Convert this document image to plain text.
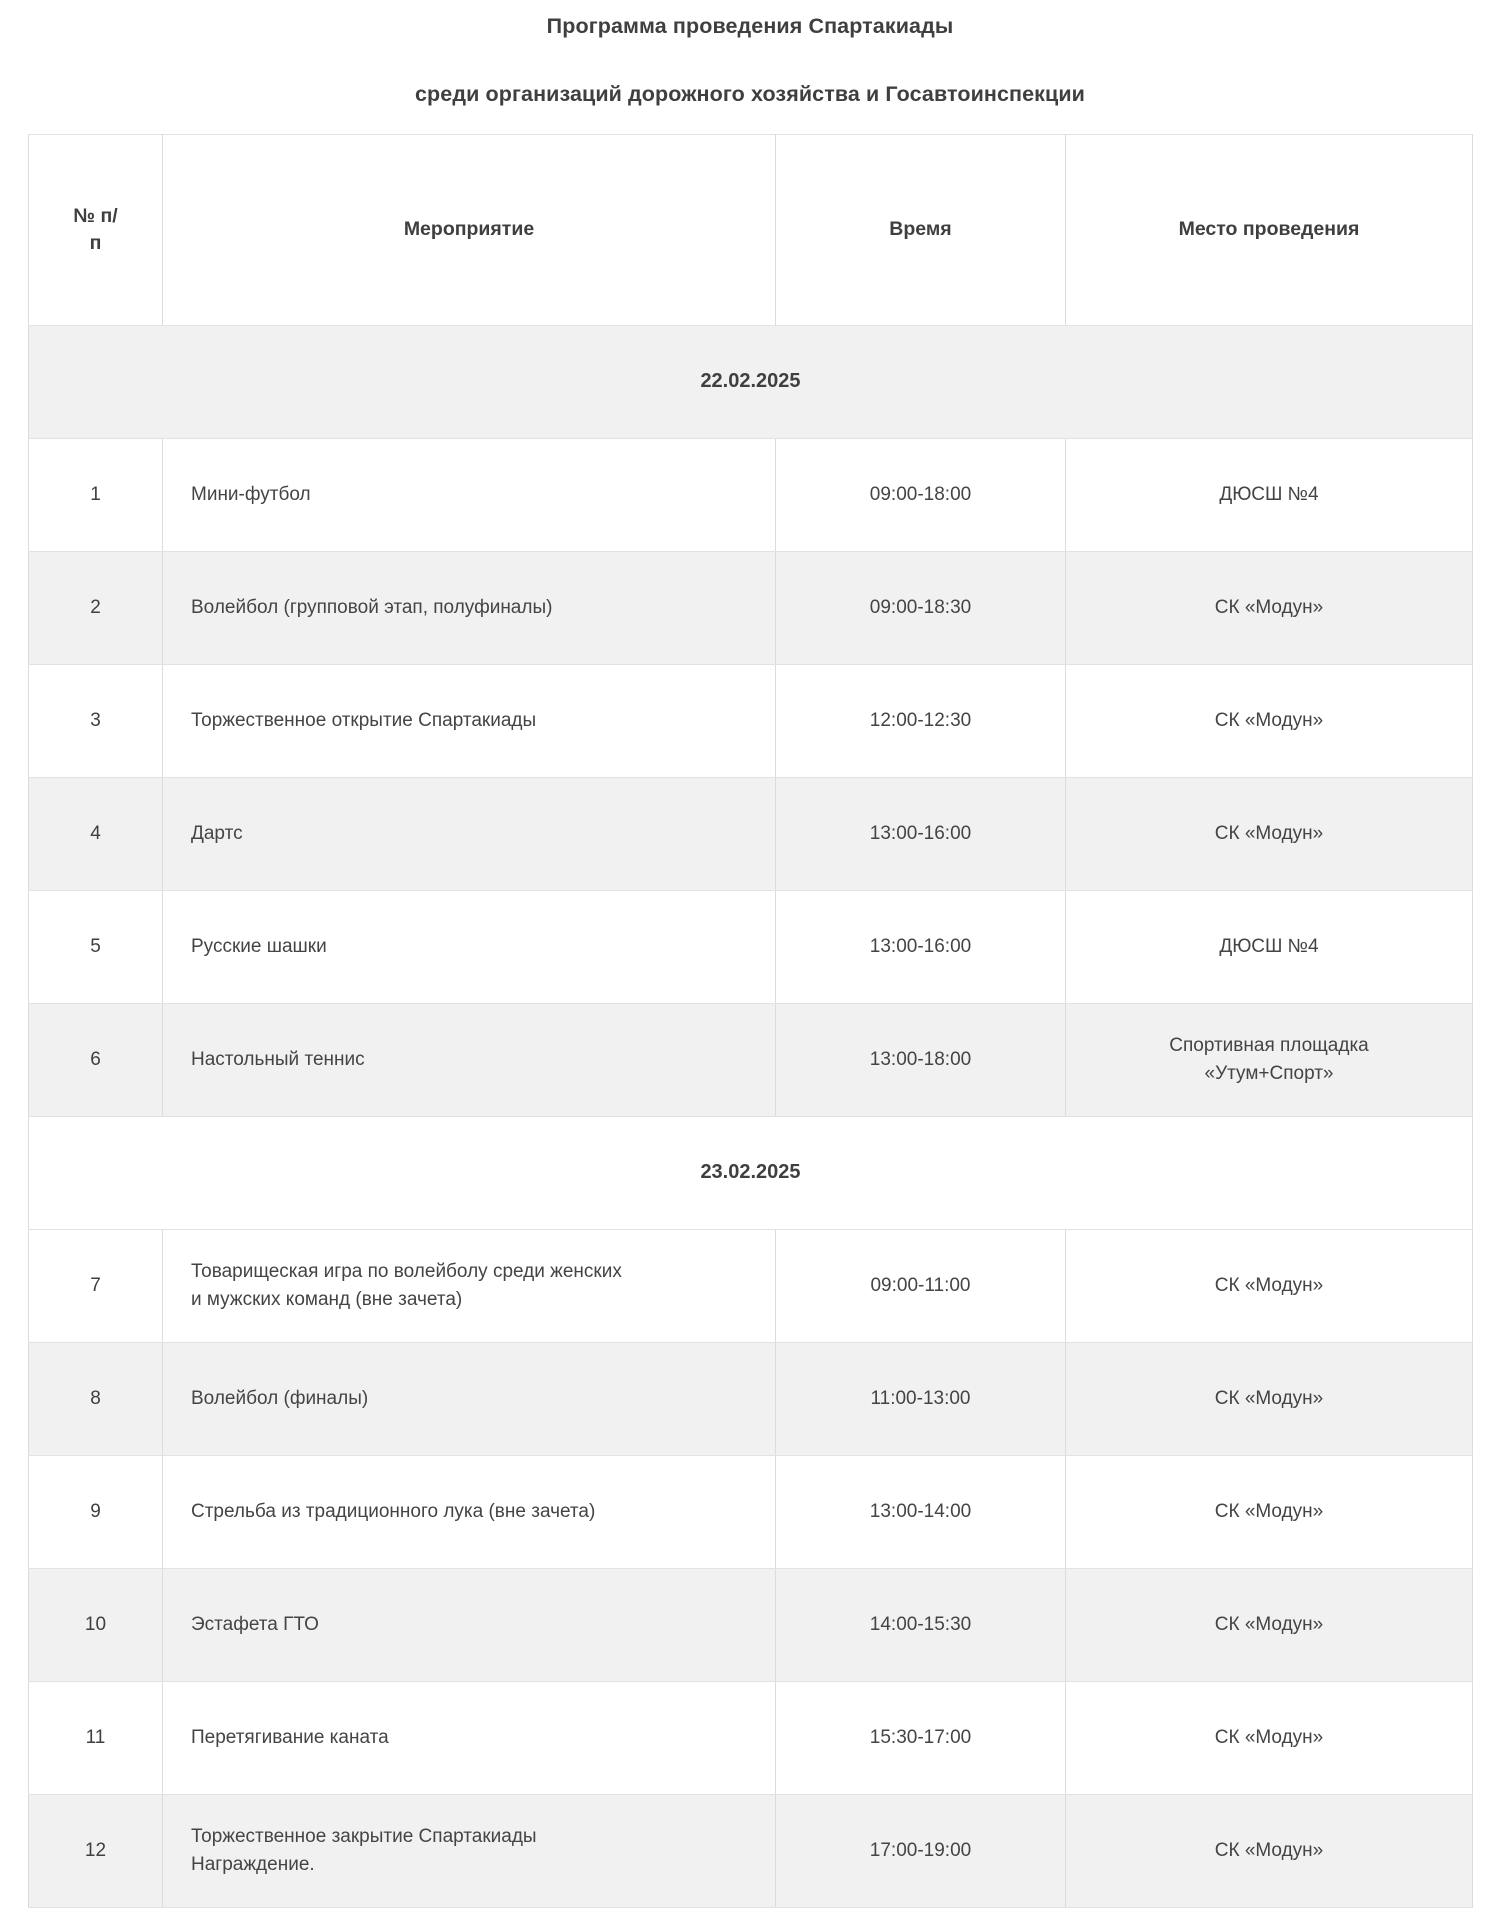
Программа проведения Спартакиады
среди организаций дорожного хозяйства и Госавтоинспекции
№ п/
п	Мероприятие	Время	Место проведения
22.02.2025			
1	Мини-футбол	09:00-18:00	ДЮСШ №4
2	Волейбол (групповой этап, полуфиналы)	09:00-18:30	СК «Модун»
3	Торжественное открытие Спартакиады	12:00-12:30	СК «Модун»
4	Дартс	13:00-16:00	СК «Модун»
5	Русские шашки	13:00-16:00	ДЮСШ №4
6	Настольный теннис	13:00-18:00	Спортивная площадка
«Утум+Спорт»

23.02.2025			
7	Товарищеская игра по волейболу среди женских
и мужских команд (вне зачета)	09:00-11:00	СК «Модун»
8	Волейбол (финалы)	11:00-13:00	СК «Модун»
9	Стрельба из традиционного лука (вне зачета)	13:00-14:00	СК «Модун»
10	Эстафета ГТО	14:00-15:30	СК «Модун»
11	Перетягивание каната	15:30-17:00	СК «Модун»
12	Торжественное закрытие Спартакиады
Награждение.	17:00-19:00	СК «Модун»
